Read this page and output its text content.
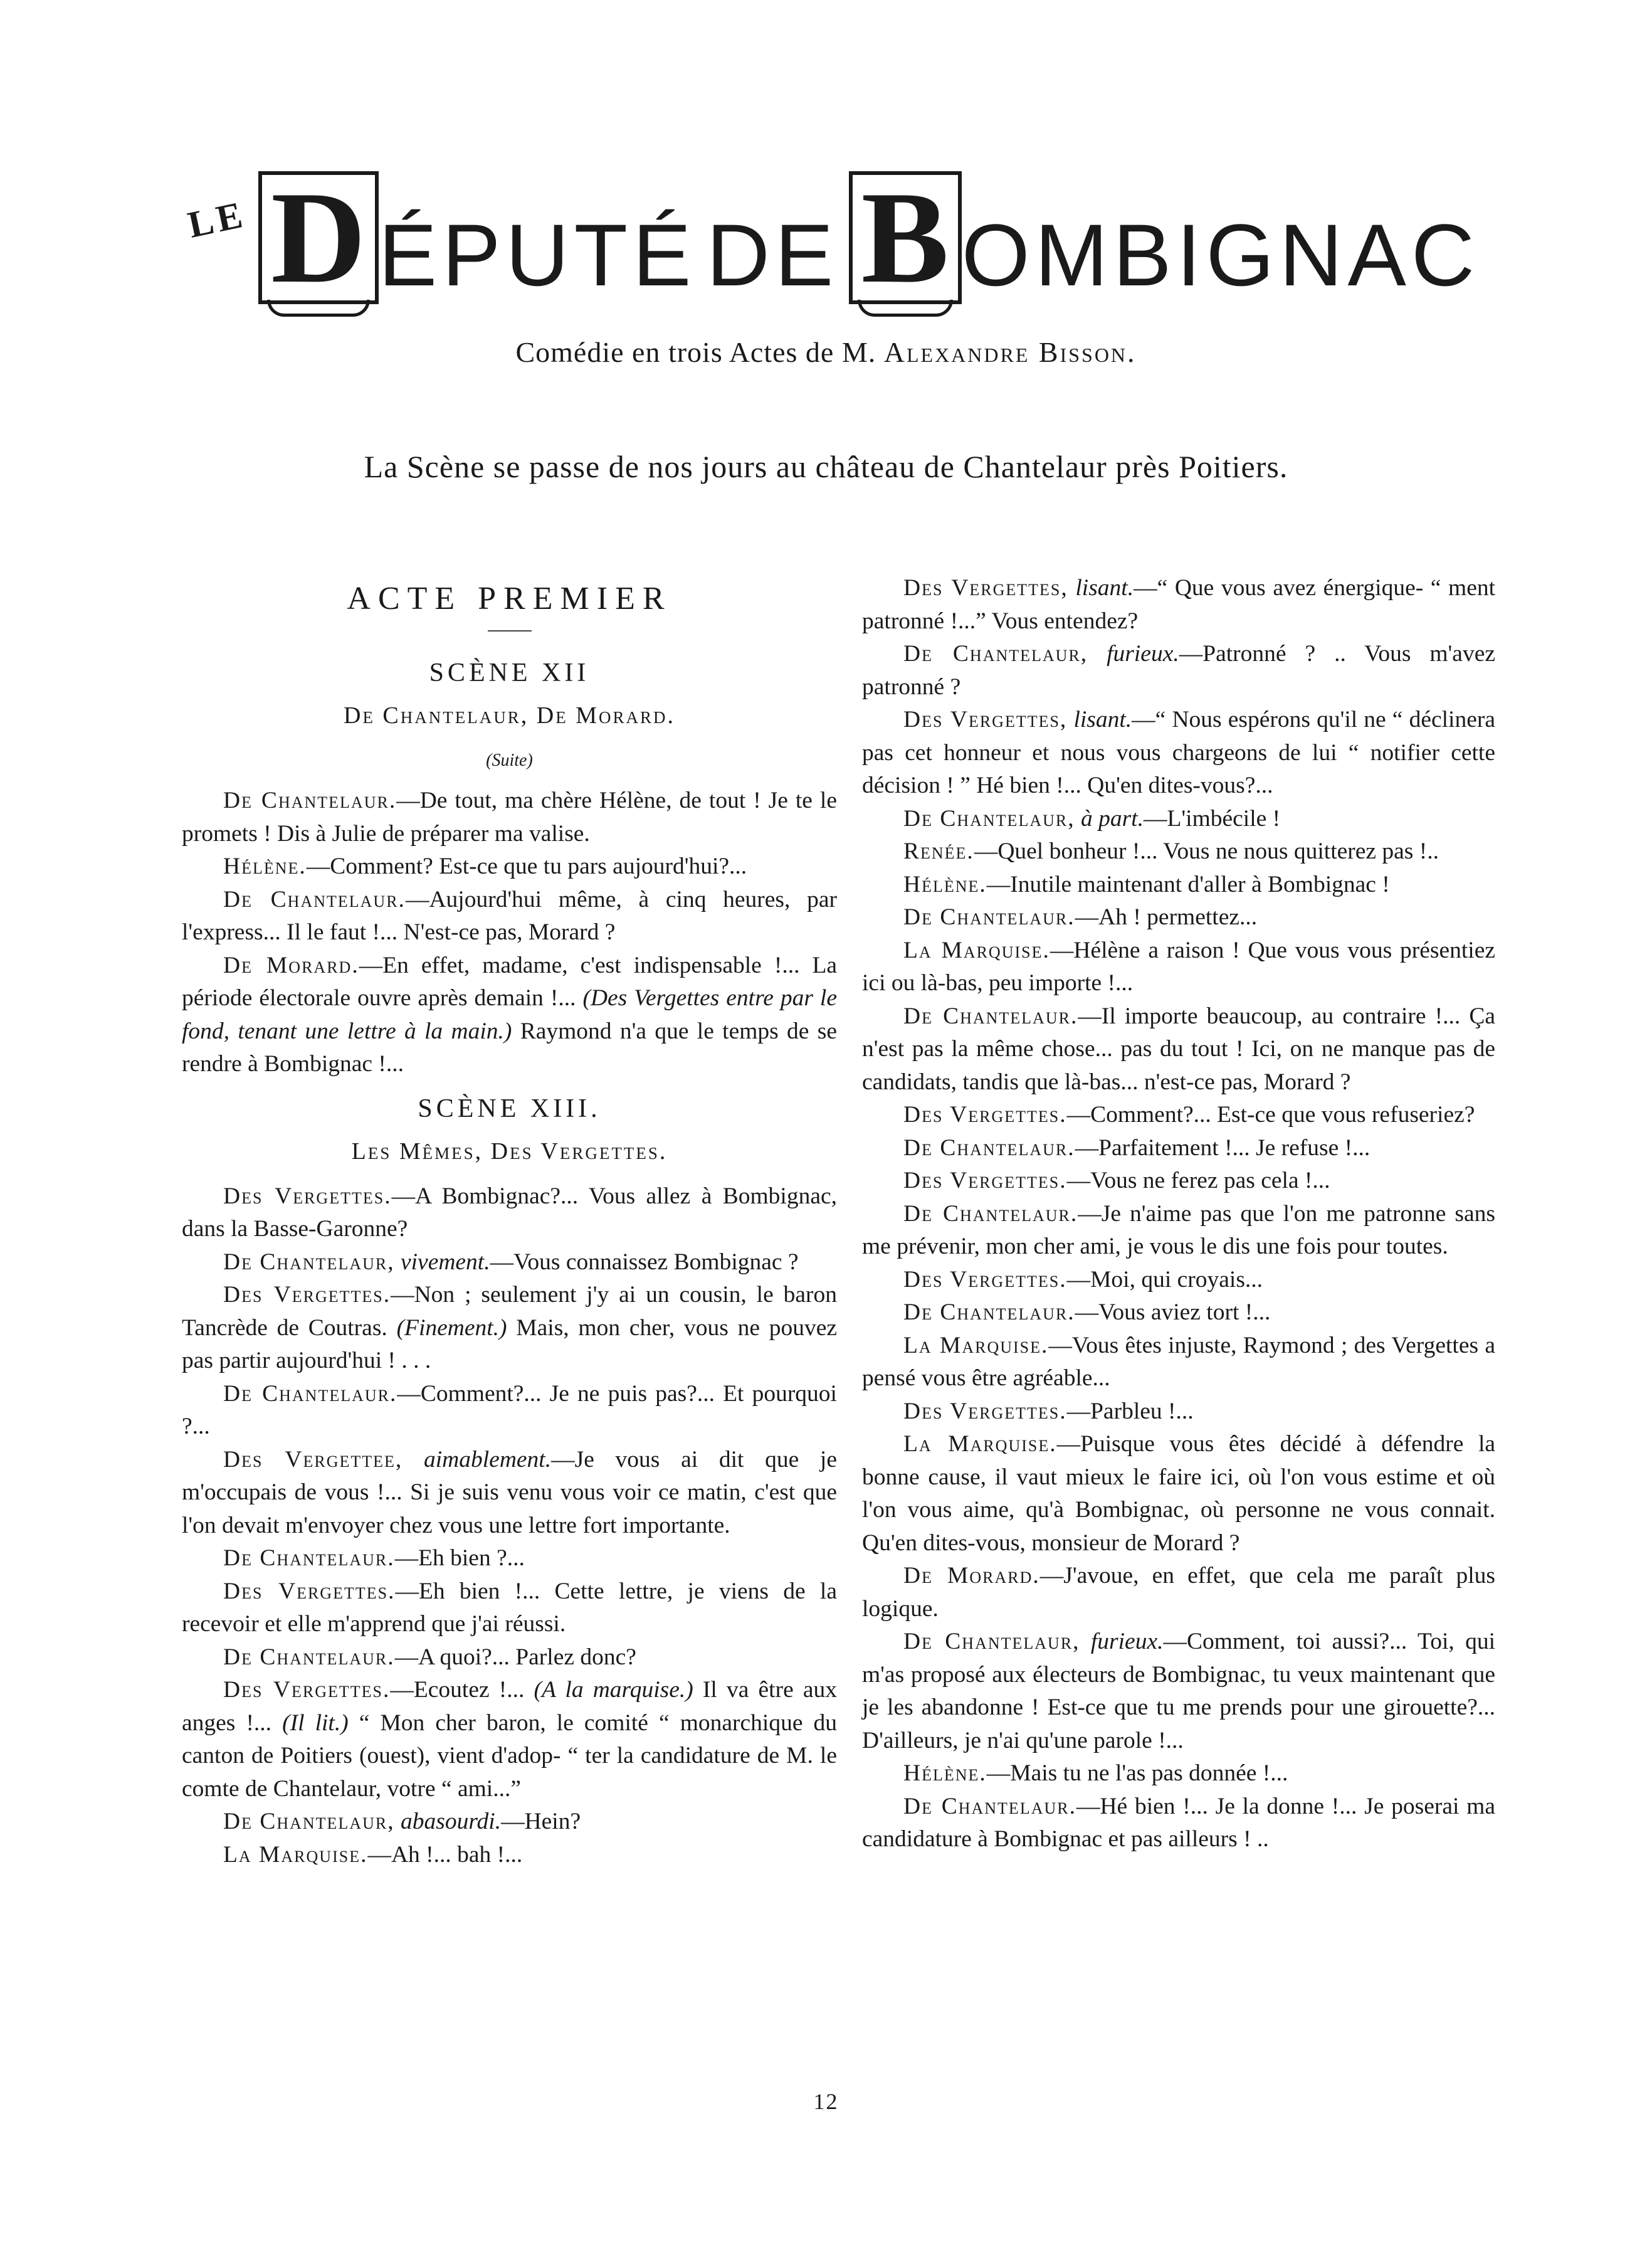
LE D ÉPUTÉ DE B OMBIGNAC
Comédie en trois Actes de M. Alexandre Bisson.
La Scène se passe de nos jours au château de Chantelaur près Poitiers.
ACTE PREMIER
SCÈNE XII
De Chantelaur, De Morard.
(Suite)

De Chantelaur.—De tout, ma chère Hélène, de tout ! Je te le promets ! Dis à Julie de préparer ma valise.

Hélène.—Comment? Est-ce que tu pars aujourd'hui?...

De Chantelaur.—Aujourd'hui même, à cinq heures, par l'express... Il le faut !... N'est-ce pas, Morard ?

De Morard.—En effet, madame, c'est indispensable !... La période électorale ouvre après demain !... (Des Vergettes entre par le fond, tenant une lettre à la main.) Raymond n'a que le temps de se rendre à Bombignac !...

SCÈNE XIII.
Les Mêmes, Des Vergettes.

Des Vergettes.—A Bombignac?... Vous allez à Bombignac, dans la Basse-Garonne?

De Chantelaur, vivement.—Vous connaissez Bombignac ?

Des Vergettes.—Non ; seulement j'y ai un cousin, le baron Tancrède de Coutras. (Finement.) Mais, mon cher, vous ne pouvez pas partir aujourd'hui ! . . .

De Chantelaur.—Comment?... Je ne puis pas?... Et pourquoi ?...

Des Vergettee, aimablement.—Je vous ai dit que je m'occupais de vous !... Si je suis venu vous voir ce matin, c'est que l'on devait m'envoyer chez vous une lettre fort importante.

De Chantelaur.—Eh bien ?...

Des Vergettes.—Eh bien !... Cette lettre, je viens de la recevoir et elle m'apprend que j'ai réussi.

De Chantelaur.—A quoi?... Parlez donc?

Des Vergettes.—Ecoutez !... (A la marquise.) Il va être aux anges !... (Il lit.) “ Mon cher baron, le comité “ monarchique du canton de Poitiers (ouest), vient d'adop- “ ter la candidature de M. le comte de Chantelaur, votre “ ami...”

De Chantelaur, abasourdi.—Hein?

La Marquise.—Ah !... bah !...

Des Vergettes, lisant.—“ Que vous avez énergique- “ ment patronné !...” Vous entendez?

De Chantelaur, furieux.—Patronné ? .. Vous m'avez patronné ?

Des Vergettes, lisant.—“ Nous espérons qu'il ne “ déclinera pas cet honneur et nous vous chargeons de lui “ notifier cette décision ! ” Hé bien !... Qu'en dites-vous?...

De Chantelaur, à part.—L'imbécile !

Renée.—Quel bonheur !... Vous ne nous quitterez pas !..

Hélène.—Inutile maintenant d'aller à Bombignac !

De Chantelaur.—Ah ! permettez...

La Marquise.—Hélène a raison ! Que vous vous présentiez ici ou là-bas, peu importe !...

De Chantelaur.—Il importe beaucoup, au contraire !... Ça n'est pas la même chose... pas du tout ! Ici, on ne manque pas de candidats, tandis que là-bas... n'est-ce pas, Morard ?

Des Vergettes.—Comment?... Est-ce que vous refuseriez?

De Chantelaur.—Parfaitement !... Je refuse !...

Des Vergettes.—Vous ne ferez pas cela !...

De Chantelaur.—Je n'aime pas que l'on me patronne sans me prévenir, mon cher ami, je vous le dis une fois pour toutes.

Des Vergettes.—Moi, qui croyais...

De Chantelaur.—Vous aviez tort !...

La Marquise.—Vous êtes injuste, Raymond ; des Vergettes a pensé vous être agréable...

Des Vergettes.—Parbleu !...

La Marquise.—Puisque vous êtes décidé à défendre la bonne cause, il vaut mieux le faire ici, où l'on vous estime et où l'on vous aime, qu'à Bombignac, où personne ne vous connait. Qu'en dites-vous, monsieur de Morard ?

De Morard.—J'avoue, en effet, que cela me paraît plus logique.

De Chantelaur, furieux.—Comment, toi aussi?... Toi, qui m'as proposé aux électeurs de Bombignac, tu veux maintenant que je les abandonne ! Est-ce que tu me prends pour une girouette?... D'ailleurs, je n'ai qu'une parole !...

Hélène.—Mais tu ne l'as pas donnée !...

De Chantelaur.—Hé bien !... Je la donne !... Je poserai ma candidature à Bombignac et pas ailleurs ! ..

12
